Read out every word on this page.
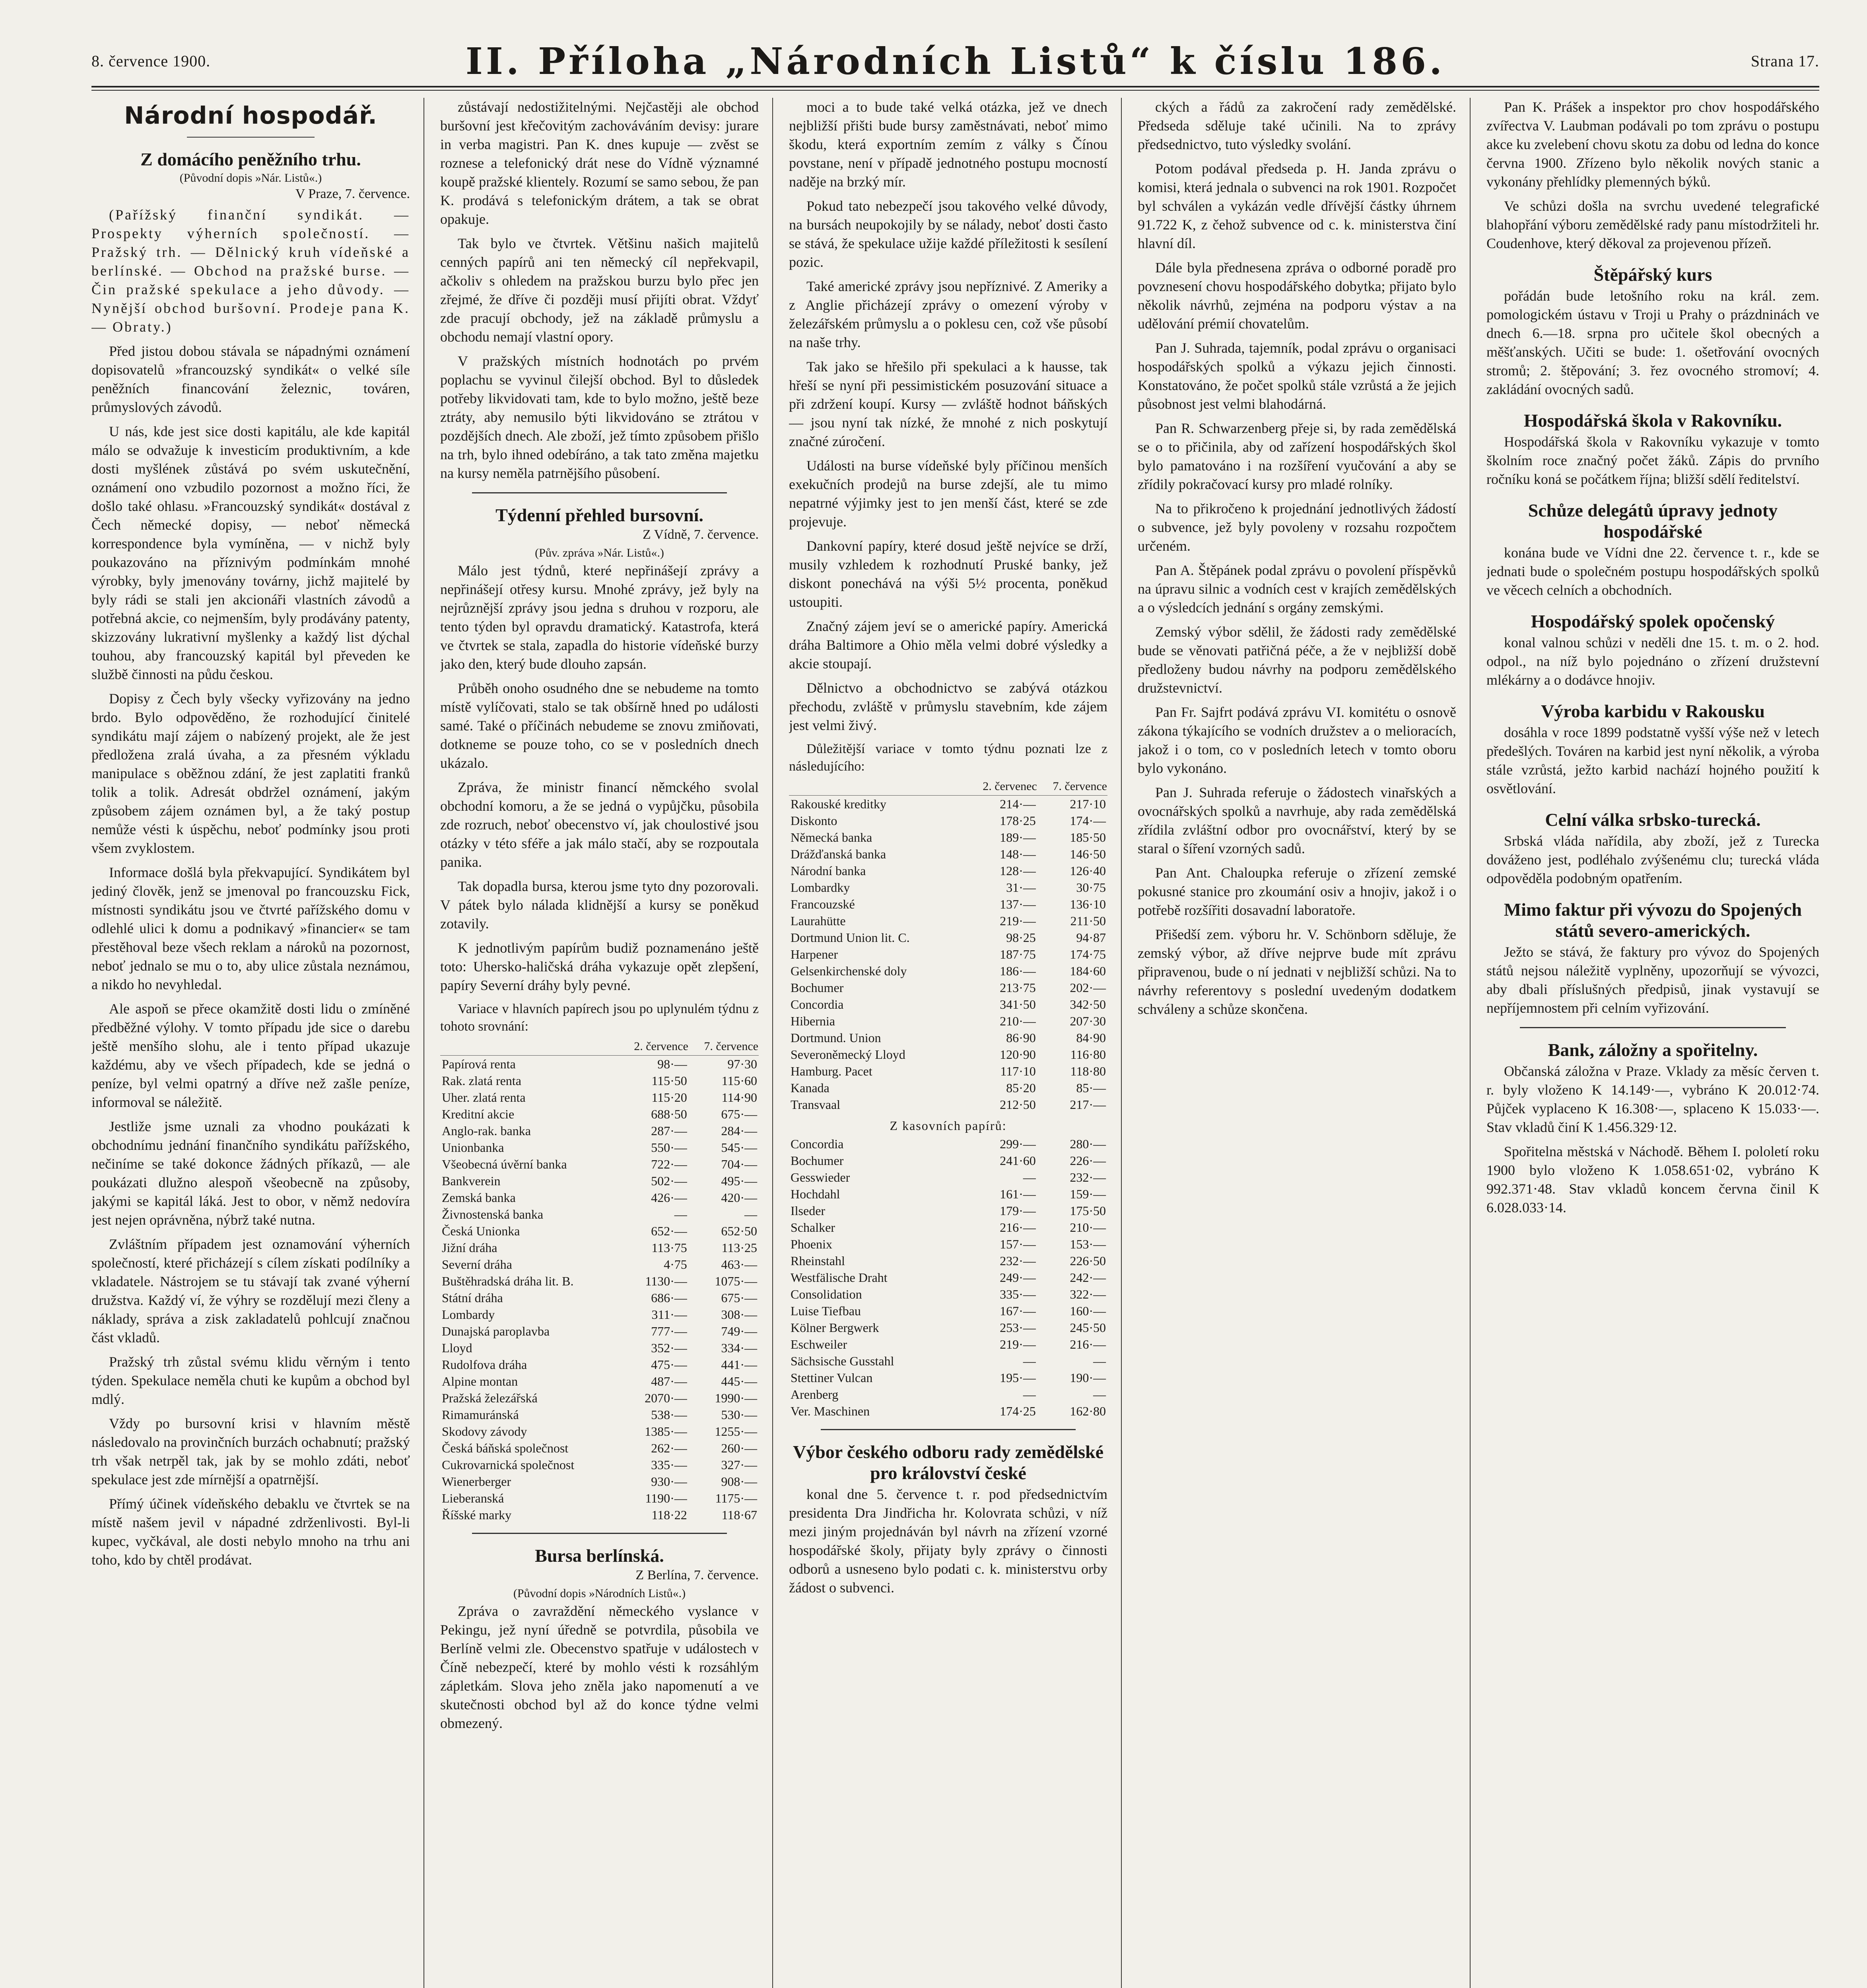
8. července 1900.	II. Příloha „Národních Listů“ k číslu 186.	Strana 17.
Národní hospodář.
Z domácího peněžního trhu.
(Původní dopis »Nár. Listů«.)
V Praze, 7. července.

(Pařížský finanční syndikát. — Prospekty výherních společností. — Pražský trh. — Dělnický kruh vídeňské a berlínské. — Obchod na pražské burse. — Čin pražské spekulace a jeho důvody. — Nynější obchod buršovní. Prodeje pana K. — Obraty.)

Před jistou dobou stávala se nápadnými oznámení dopisovatelů »francouzský syndikát« o velké síle peněžních financování železnic, továren, průmyslových závodů.

U nás, kde jest sice dosti kapitálu, ale kde kapitál málo se odvažuje k investicím produktivním, a kde dosti myšlének zůstává po svém uskutečnění, oznámení ono vzbudilo pozornost a možno říci, že došlo také ohlasu. »Francouzský syndikát« dostával z Čech německé dopisy, — neboť německá korrespondence byla vymíněna, — v nichž byly poukazováno na příznivým podmínkám mnohé výrobky, byly jmenovány továrny, jichž majitelé by byly rádi se stali jen akcionáři vlastních závodů a potřebná akcie, co nejmenším, byly prodávány patenty, skizzovány lukrativní myšlenky a každý list dýchal touhou, aby francouzský kapitál byl převeden ke službě činnosti na půdu českou.

Dopisy z Čech byly všecky vyřizovány na jedno brdo. Bylo odpověděno, že rozhodující činitelé syndikátu mají zájem o nabízený projekt, ale že jest předložena zralá úvaha, a za přesném výkladu manipulace s oběžnou zdání, že jest zaplatiti franků tolik a tolik. Adresát obdržel oznámení, jakým způsobem zájem oznámen byl, a že taký postup nemůže vésti k úspěchu, neboť podmínky jsou proti všem zvyklostem.

Informace došlá byla překvapující. Syndikátem byl jediný člověk, jenž se jmenoval po francouzsku Fick, místnosti syndikátu jsou ve čtvrté pařížského domu v odlehlé ulici k domu a podnikavý »financier« se tam přestěhoval beze všech reklam a nároků na pozornost, neboť jednalo se mu o to, aby ulice zůstala neznámou, a nikdo ho nevyhledal.

Ale aspoň se přece okamžitě dosti lidu o zmíněné předběžné výlohy. V tomto případu jde sice o darebu ještě menšího slohu, ale i tento případ ukazuje každému, aby ve všech případech, kde se jedná o peníze, byl velmi opatrný a dříve než zašle peníze, informoval se náležitě.

Jestliže jsme uznali za vhodno poukázati k obchodnímu jednání finančního syndikátu pařížského, nečiníme se také dokonce žádných příkazů, — ale poukázati dlužno alespoň všeobecně na způsoby, jakými se kapitál láká. Jest to obor, v němž nedovíra jest nejen oprávněna, nýbrž také nutna.

Zvláštním případem jest oznamování výherních společností, které přicházejí s cílem získati podílníky a vkladatele. Nástrojem se tu stávají tak zvané výherní družstva. Každý ví, že výhry se rozdělují mezi členy a náklady, správa a zisk zakladatelů pohlcují značnou část vkladů.

Pražský trh zůstal svému klidu věrným i tento týden. Spekulace neměla chuti ke kupům a obchod byl mdlý.

Vždy po bursovní krisi v hlavním městě následovalo na provinčních burzách ochabnutí; pražský trh však netrpěl tak, jak by se mohlo zdáti, neboť spekulace jest zde mírnější a opatrnější.

Přímý účinek vídeňského debaklu ve čtvrtek se na místě našem jevil v nápadné zdrženlivosti. Byl-li kupec, vyčkával, ale dosti nebylo mnoho na trhu ani toho, kdo by chtěl prodávat.

zůstávají nedostižitelnými. Nejčastěji ale obchod buršovní jest křečovitým zachováváním devisy: jurare in verba magistri. Pan K. dnes kupuje — zvěst se roznese a telefonický drát nese do Vídně významné koupě pražské klientely. Rozumí se samo sebou, že pan K. prodává s telefonickým drátem, a tak se obrat opakuje.

Tak bylo ve čtvrtek. Většinu našich majitelů cenných papírů ani ten německý cíl nepřekvapil, ačkoliv s ohledem na pražskou burzu bylo přec jen zřejmé, že dříve či později musí přijíti obrat. Vždyť zde pracují obchody, jež na základě průmyslu a obchodu nemají vlastní opory.

V pražských místních hodnotách po prvém poplachu se vyvinul čilejší obchod. Byl to důsledek potřeby likvidovati tam, kde to bylo možno, ještě beze ztráty, aby nemusilo býti likvidováno se ztrátou v pozdějších dnech. Ale zboží, jež tímto způsobem přišlo na trh, bylo ihned odebíráno, a tak tato změna majetku na kursy neměla patrnějšího působení.

Týdenní přehled bursovní.
Z Vídně, 7. července.
(Pův. zpráva »Nár. Listů«.)

Málo jest týdnů, které nepřinášejí zprávy a nepřinášejí otřesy kursu. Mnohé zprávy, jež byly na nejrůznější zprávy jsou jedna s druhou v rozporu, ale tento týden byl opravdu dramatický. Katastrofa, která ve čtvrtek se stala, zapadla do historie vídeňské burzy jako den, který bude dlouho zapsán.

Průběh onoho osudného dne se nebudeme na tomto místě vylíčovati, stalo se tak obšírně hned po události samé. Také o příčinách nebudeme se znovu zmiňovati, dotkneme se pouze toho, co se v posledních dnech ukázalo.

Zpráva, že ministr financí němckého svolal obchodní komoru, a že se jedná o vypůjčku, působila zde rozruch, neboť obecenstvo ví, jak choulostivé jsou otázky v této sféře a jak málo stačí, aby se rozpoutala panika.

Tak dopadla bursa, kterou jsme tyto dny pozorovali. V pátek bylo nálada klidnější a kursy se poněkud zotavily.

K jednotlivým papírům budiž poznamenáno ještě toto: Uhersko-haličská dráha vykazuje opět zlepšení, papíry Severní dráhy byly pevné.

Variace v hlavních papírech jsou po uplynulém týdnu z tohoto srovnání:
	2. července	7. července
Papírová renta	98·—	97·30
Rak. zlatá renta	115·50	115·60
Uher. zlatá renta	115·20	114·90
Kreditní akcie	688·50	675·—
Anglo-rak. banka	287·—	284·—
Unionbanka	550·—	545·—
Všeobecná úvěrní banka	722·—	704·—
Bankverein	502·—	495·—
Zemská banka	426·—	420·—
Živnostenská banka	—	—
Česká Unionka	652·—	652·50
Jižní dráha	113·75	113·25
Severní dráha	4·75	463·—
Buštěhradská dráha lit. B.	1130·—	1075·—
Státní dráha	686·—	675·—
Lombardy	311·—	308·—
Dunajská paroplavba	777·—	749·—
Lloyd	352·—	334·—
Rudolfova dráha	475·—	441·—
Alpine montan	487·—	445·—
Pražská železářská	2070·—	1990·—
Rimamuránská	538·—	530·—
Skodovy závody	1385·—	1255·—
Česká báňská společnost	262·—	260·—
Cukrovarnická společnost	335·—	327·—
Wienerberger	930·—	908·—
Lieberanská	1190·—	1175·—
Říšské marky	118·22	118·67
Bursa berlínská.
Z Berlína, 7. července.
(Původní dopis »Národních Listů«.)

Zpráva o zavraždění německého vyslance v Pekingu, jež nyní úředně se potvrdila, působila ve Berlíně velmi zle. Obecenstvo spatřuje v událostech v Číně nebezpečí, které by mohlo vésti k rozsáhlým zápletkám. Slova jeho zněla jako napomenutí a ve skutečnosti obchod byl až do konce týdne velmi obmezený.

moci a to bude také velká otázka, jež ve dnech nejbližší přišti bude bursy zaměstnávati, neboť mimo škodu, která exportním zemím z války s Čínou povstane, není v případě jednotného postupu mocností naděje na brzký mír.

Pokud tato nebezpečí jsou takového velké důvody, na bursách neupokojily by se nálady, neboť dosti často se stává, že spekulace užije každé příležitosti k sesílení pozic.

Také americké zprávy jsou nepříznivé. Z Ameriky a z Anglie přicházejí zprávy o omezení výroby v železářském průmyslu a o poklesu cen, což vše působí na naše trhy.

Tak jako se hřešilo při spekulaci a k hausse, tak hřeší se nyní při pessimistickém posuzování situace a při zdržení koupí. Kursy — zvláště hodnot báňských — jsou nyní tak nízké, že mnohé z nich poskytují značné zúročení.

Události na burse vídeňské byly příčinou menších exekučních prodejů na burse zdejší, ale tu mimo nepatrné výjimky jest to jen menší část, které se zde projevuje.

Dankovní papíry, které dosud ještě nejvíce se drží, musily vzhledem k rozhodnutí Pruské banky, jež diskont ponechává na výši 5½ procenta, poněkud ustoupiti.

Značný zájem jeví se o americké papíry. Americká dráha Baltimore a Ohio měla velmi dobré výsledky a akcie stoupají.

Dělnictvo a obchodnictvo se zabývá otázkou přechodu, zvláště v průmyslu stavebním, kde zájem jest velmi živý.

Důležitější variace v tomto týdnu poznati lze z následujícího:
	2. červenec	7. července
Rakouské kreditky	214·—	217·10
Diskonto	178·25	174·—
Německá banka	189·—	185·50
Drážďanská banka	148·—	146·50
Národní banka	128·—	126·40
Lombardky	31·—	30·75
Francouzské	137·—	136·10
Laurahütte	219·—	211·50
Dortmund Union lit. C.	98·25	94·87
Harpener	187·75	174·75
Gelsenkirchenské doly	186·—	184·60
Bochumer	213·75	202·—
Concordia	341·50	342·50
Hibernia	210·—	207·30
Dortmund. Union	86·90	84·90
Severoněmecký Lloyd	120·90	116·80
Hamburg. Pacet	117·10	118·80
Kanada	85·20	85·—
Transvaal	212·50	217·—
Z kasovních papírů:
Concordia	299·—	280·—
Bochumer	241·60	226·—
Gesswieder	—	232·—
Hochdahl	161·—	159·—
Ilseder	179·—	175·50
Schalker	216·—	210·—
Phoenix	157·—	153·—
Rheinstahl	232·—	226·50
Westfälische Draht	249·—	242·—
Consolidation	335·—	322·—
Luise Tiefbau	167·—	160·—
Kölner Bergwerk	253·—	245·50
Eschweiler	219·—	216·—
Sächsische Gusstahl	—	—
Stettiner Vulcan	195·—	190·—
Arenberg	—	—
Ver. Maschinen	174·25	162·80
Výbor českého odboru rady zemědělské pro království české

konal dne 5. července t. r. pod předsednictvím presidenta Dra Jindřicha hr. Kolovrata schůzi, v níž mezi jiným projednáván byl návrh na zřízení vzorné hospodářské školy, přijaty byly zprávy o činnosti odborů a usneseno bylo podati c. k. ministerstvu orby žádost o subvenci.

ckých a řádů za zakročení rady zemědělské. Předseda sděluje také učinili. Na to zprávy předsednictvo, tuto výsledky svolání.

Potom podával předseda p. H. Janda zprávu o komisi, která jednala o subvenci na rok 1901. Rozpočet byl schválen a vykázán vedle dřívější částky úhrnem 91.722 K, z čehož subvence od c. k. ministerstva činí hlavní díl.

Dále byla přednesena zpráva o odborné poradě pro povznesení chovu hospodářského dobytka; přijato bylo několik návrhů, zejména na podporu výstav a na udělování prémií chovatelům.

Pan J. Suhrada, tajemník, podal zprávu o organisaci hospodářských spolků a výkazu jejich činnosti. Konstatováno, že počet spolků stále vzrůstá a že jejich působnost jest velmi blahodárná.

Pan R. Schwarzenberg přeje si, by rada zemědělská se o to přičinila, aby od zařízení hospodářských škol bylo pamatováno i na rozšíření vyučování a aby se zřídily pokračovací kursy pro mladé rolníky.

Na to přikročeno k projednání jednotlivých žádostí o subvence, jež byly povoleny v rozsahu rozpočtem určeném.

Pan A. Štěpánek podal zprávu o povolení příspěvků na úpravu silnic a vodních cest v krajích zemědělských a o výsledcích jednání s orgány zemskými.

Zemský výbor sdělil, že žádosti rady zemědělské bude se věnovati patřičná péče, a že v nejbližší době předloženy budou návrhy na podporu zemědělského družstevnictví.

Pan Fr. Sajfrt podává zprávu VI. komitétu o osnově zákona týkajícího se vodních družstev a o melioracích, jakož i o tom, co v posledních letech v tomto oboru bylo vykonáno.

Pan J. Suhrada referuje o žádostech vinařských a ovocnářských spolků a navrhuje, aby rada zemědělská zřídila zvláštní odbor pro ovocnářství, který by se staral o šíření vzorných sadů.

Pan Ant. Chaloupka referuje o zřízení zemské pokusné stanice pro zkoumání osiv a hnojiv, jakož i o potřebě rozšířiti dosavadní laboratoře.

Přišedší zem. výboru hr. V. Schönborn sděluje, že zemský výbor, až dříve nejprve bude mít zprávu připravenou, bude o ní jednati v nejbližší schůzi. Na to návrhy referentovy s poslední uvedeným dodatkem schváleny a schůze skončena.

Pan K. Prášek a inspektor pro chov hospodářského zvířectva V. Laubman podávali po tom zprávu o postupu akce ku zvelebení chovu skotu za dobu od ledna do konce června 1900. Zřízeno bylo několik nových stanic a vykonány přehlídky plemenných býků.

Ve schůzi došla na svrchu uvedené telegrafické blahopřání výboru zemědělské rady panu místodržiteli hr. Coudenhove, který děkoval za projevenou přízeň.

Štěpářský kurs

pořádán bude letošního roku na král. zem. pomologickém ústavu v Troji u Prahy o prázdninách ve dnech 6.—18. srpna pro učitele škol obecných a měšťanských. Učiti se bude: 1. ošetřování ovocných stromů; 2. štěpování; 3. řez ovocného stromoví; 4. zakládání ovocných sadů.

Hospodářská škola v Rakovníku.

Hospodářská škola v Rakovníku vykazuje v tomto školním roce značný počet žáků. Zápis do prvního ročníku koná se počátkem října; bližší sdělí ředitelství.

Schůze delegátů úpravy jednoty hospodářské

konána bude ve Vídni dne 22. července t. r., kde se jednati bude o společném postupu hospodářských spolků ve věcech celních a obchodních.

Hospodářský spolek opočenský

konal valnou schůzi v neděli dne 15. t. m. o 2. hod. odpol., na níž bylo pojednáno o zřízení družstevní mlékárny a o dodávce hnojiv.

Výroba karbidu v Rakousku

dosáhla v roce 1899 podstatně vyšší výše než v letech předešlých. Továren na karbid jest nyní několik, a výroba stále vzrůstá, ježto karbid nachází hojného použití k osvětlování.

Celní válka srbsko-turecká.

Srbská vláda nařídila, aby zboží, jež z Turecka dováženo jest, podléhalo zvýšenému clu; turecká vláda odpověděla podobným opatřením.

Mimo faktur při vývozu do Spojených států severo-amerických.

Ježto se stává, že faktury pro vývoz do Spojených států nejsou náležitě vyplněny, upozorňují se vývozci, aby dbali příslušných předpisů, jinak vystavují se nepříjemnostem při celním vyřizování.

Bank, záložny a spořitelny.

Občanská záložna v Praze. Vklady za měsíc červen t. r. byly vloženo K 14.149·—, vybráno K 20.012·74. Půjček vyplaceno K 16.308·—, splaceno K 15.033·—. Stav vkladů činí K 1.456.329·12.

Spořitelna městská v Náchodě. Během I. pololetí roku 1900 bylo vloženo K 1.058.651·02, vybráno K 992.371·48. Stav vkladů koncem června činil K 6.028.033·14.
